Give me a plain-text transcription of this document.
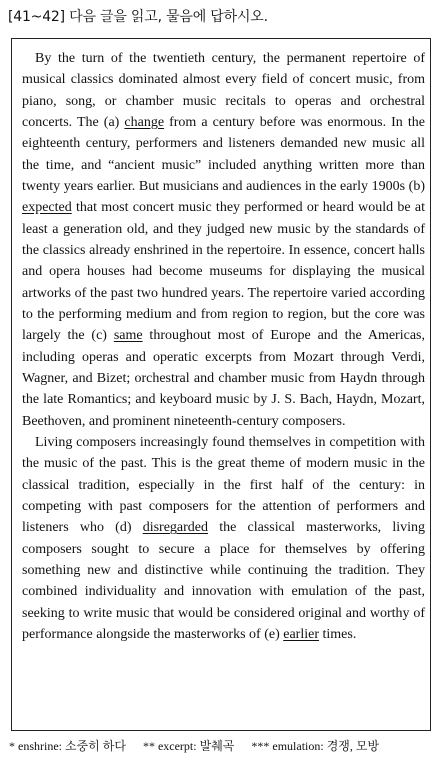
[41~42] 다음 글을 읽고, 물음에 답하시오.

By the turn of the twentieth century, the permanent repertoire of musical classics dominated almost every field of concert music, from piano, song, or chamber music recitals to operas and orchestral concerts. The (a) change from a century before was enormous. In the eighteenth century, performers and listeners demanded new music all the time, and “ancient music” included anything written more than twenty years earlier. But musicians and audiences in the early 1900s (b) expected that most concert music they performed or heard would be at least a generation old, and they judged new music by the standards of the classics already enshrined in the repertoire. In essence, concert halls and opera houses had become museums for displaying the musical artworks of the past two hundred years. The repertoire varied according to the performing medium and from region to region, but the core was largely the (c) same throughout most of Europe and the Americas, including operas and operatic excerpts from Mozart through Verdi, Wagner, and Bizet; orchestral and chamber music from Haydn through the late Romantics; and keyboard music by J. S. Bach, Haydn, Mozart, Beethoven, and prominent nineteenth-century composers.

Living composers increasingly found themselves in competition with the music of the past. This is the great theme of modern music in the classical tradition, especially in the first half of the century: in competing with past composers for the attention of performers and listeners who (d) disregarded the classical masterworks, living composers sought to secure a place for themselves by offering something new and distinctive while continuing the tradition. They combined individuality and innovation with emulation of the past, seeking to write music that would be considered original and worthy of performance alongside the masterworks of (e) earlier times.

* enshrine: 소중히 하다 ** excerpt: 발췌곡 *** emulation: 경쟁, 모방
